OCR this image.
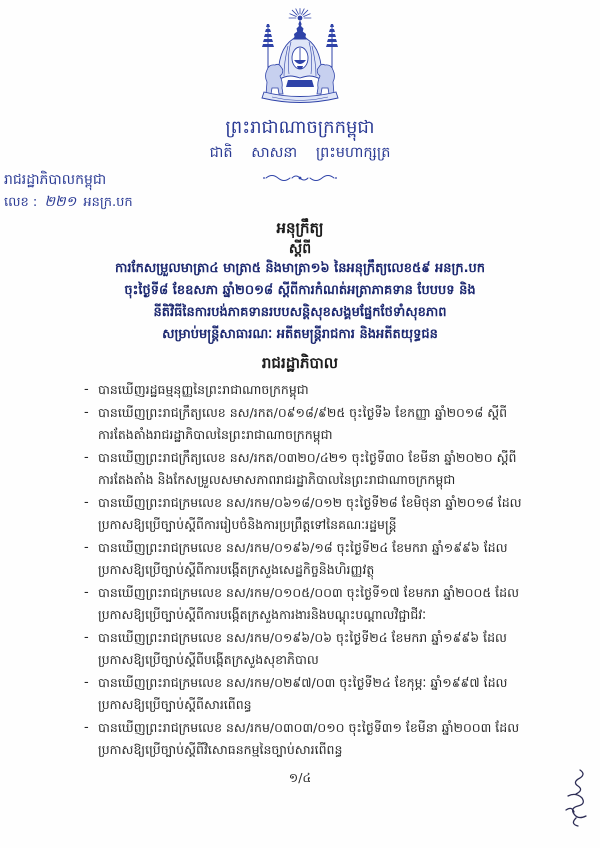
ព្រះរាជាណាចក្រកម្ពុជា
ជាតិ សាសនា ព្រះមហាក្សត្រ
រាជរដ្ឋាភិបាលកម្ពុជា
លេខ : ២២១ អនក្រ.បក
អនុក្រឹត្យ
ស្ដីពី
ការកែសម្រួលមាត្រា៤ មាត្រា៥ និងមាត្រា១៦ នៃអនុក្រឹត្យលេខ៥៩ អនក្រ.បក
ចុះថ្ងៃទី៨ ខែឧសភា ឆ្នាំ២០១៨ ស្ដីពីការកំណត់អត្រាភាគទាន បែបបទ និង
នីតិវិធីនៃការបង់ភាគទានរបបសន្តិសុខសង្គមផ្នែកថែទាំសុខភាព
សម្រាប់មន្ត្រីសាធារណៈ អតីតមន្ត្រីរាជការ និងអតីតយុទ្ធជន
រាជរដ្ឋាភិបាល
- បានឃើញរដ្ឋធម្មនុញ្ញនៃព្រះរាជាណាចក្រកម្ពុជា
- បានឃើញព្រះរាជក្រឹត្យលេខ នស/រកត/០៩១៨/៩២៥ ចុះថ្ងៃទី៦ ខែកញ្ញា ឆ្នាំ២០១៨ ស្ដីពី
ការតែងតាំងរាជរដ្ឋាភិបាលនៃព្រះរាជាណាចក្រកម្ពុជា
- បានឃើញព្រះរាជក្រឹត្យលេខ នស/រកត/០៣២០/៤២១ ចុះថ្ងៃទី៣០ ខែមីនា ឆ្នាំ២០២០ ស្ដីពី
ការតែងតាំង និងកែសម្រួលសមាសភាពរាជរដ្ឋាភិបាលនៃព្រះរាជាណាចក្រកម្ពុជា
- បានឃើញព្រះរាជក្រមលេខ នស/រកម/០៦១៨/០១២ ចុះថ្ងៃទី២៨ ខែមិថុនា ឆ្នាំ២០១៨ ដែល
ប្រកាសឱ្យប្រើច្បាប់ស្ដីពីការរៀបចំនិងការប្រព្រឹត្តទៅនៃគណៈរដ្ឋមន្ត្រី
- បានឃើញព្រះរាជក្រមលេខ នស/រកម/០១៩៦/១៨ ចុះថ្ងៃទី២៤ ខែមករា ឆ្នាំ១៩៩៦ ដែល
ប្រកាសឱ្យប្រើច្បាប់ស្ដីពីការបង្កើតក្រសួងសេដ្ឋកិច្ចនិងហិរញ្ញវត្ថុ
- បានឃើញព្រះរាជក្រមលេខ នស/រកម/០១០៥/០០៣ ចុះថ្ងៃទី១៧ ខែមករា ឆ្នាំ២០០៥ ដែល
ប្រកាសឱ្យប្រើច្បាប់ស្ដីពីការបង្កើតក្រសួងការងារនិងបណ្ដុះបណ្ដាលវិជ្ជាជីវៈ
- បានឃើញព្រះរាជក្រមលេខ នស/រកម/០១៩៦/០៦ ចុះថ្ងៃទី២៤ ខែមករា ឆ្នាំ១៩៩៦ ដែល
ប្រកាសឱ្យប្រើច្បាប់ស្ដីពីបង្កើតក្រសួងសុខាភិបាល
- បានឃើញព្រះរាជក្រមលេខ នស/រកម/០២៩៧/០៣ ចុះថ្ងៃទី២៤ ខែកុម្ភៈ ឆ្នាំ១៩៩៧ ដែល
ប្រកាសឱ្យប្រើច្បាប់ស្ដីពីសារពើពន្ធ
- បានឃើញព្រះរាជក្រមលេខ នស/រកម/០៣០៣/០១០ ចុះថ្ងៃទី៣១ ខែមីនា ឆ្នាំ២០០៣ ដែល
ប្រកាសឱ្យប្រើច្បាប់ស្ដីពីវិសោធនកម្មនៃច្បាប់សារពើពន្ធ
១/៤
